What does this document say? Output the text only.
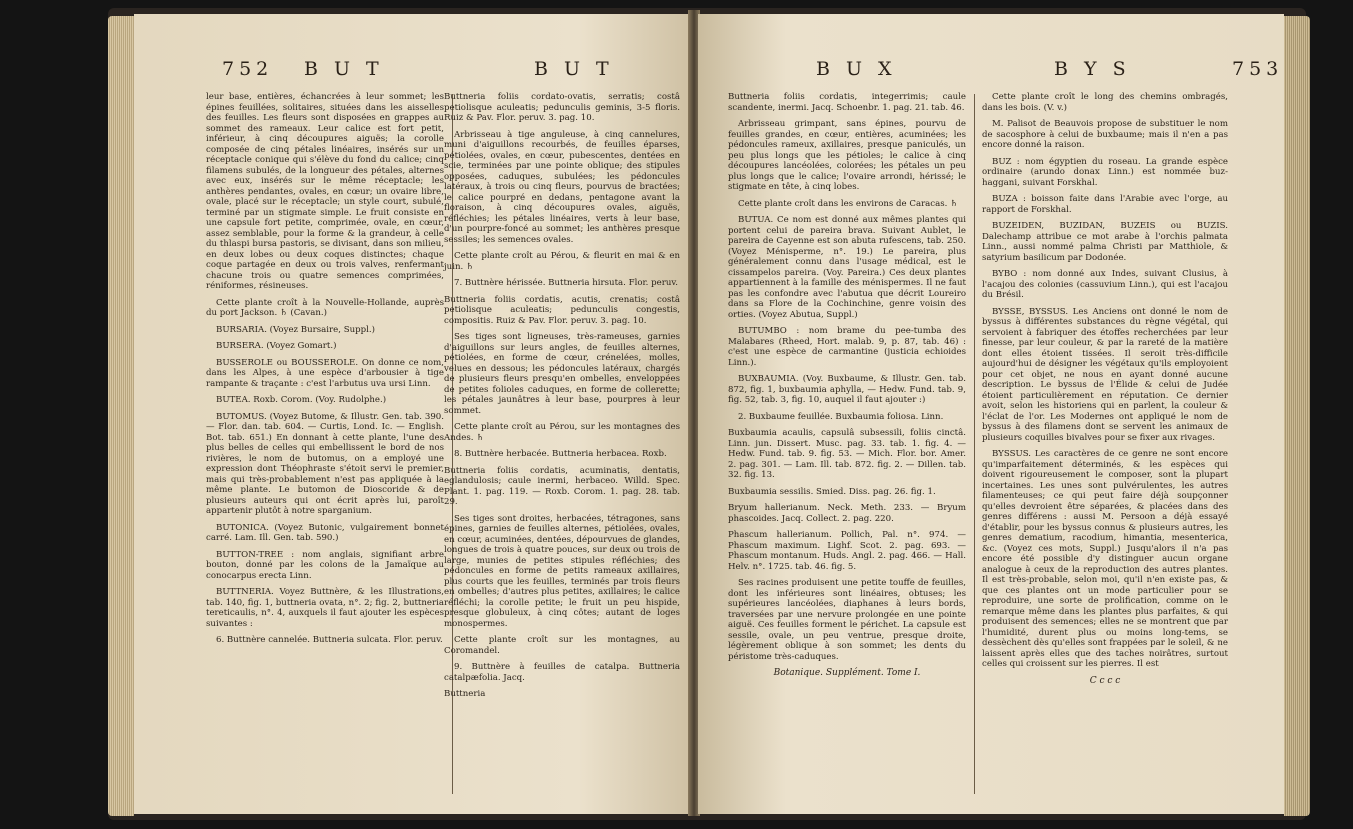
752 B U T	B U T

leur base, entières, échancrées à leur sommet; les épines feuillées, solitaires, situées dans les aisselles des feuilles. Les fleurs sont disposées en grappes au sommet des rameaux. Leur calice est fort petit, inférieur, à cinq découpures aiguës; la corolle composée de cinq pétales linéaires, insérés sur un réceptacle conique qui s'élève du fond du calice; cinq filamens subulés, de la longueur des pétales, alternes avec eux, insérés sur le même réceptacle; les anthères pendantes, ovales, en cœur; un ovaire libre, ovale, placé sur le réceptacle; un style court, subulé, terminé par un stigmate simple. Le fruit consiste en une capsule fort petite, comprimée, ovale, en cœur, assez semblable, pour la forme & la grandeur, à celle du thlaspi bursa pastoris, se divisant, dans son milieu, en deux lobes ou deux coques distinctes; chaque coque partagée en deux ou trois valves, renfermant chacune trois ou quatre semences comprimées, réniformes, résineuses.

Cette plante croît à la Nouvelle-Hollande, auprès du port Jackson. ♄ (Cavan.)

BURSARIA. (Voyez Bursaire, Suppl.)

BURSERA. (Voyez Gomart.)

BUSSEROLE ou BOUSSEROLE. On donne ce nom, dans les Alpes, à une espèce d'arbousier à tige rampante & traçante : c'est l'arbutus uva ursi Linn.

BUTEA. Roxb. Corom. (Voy. Rudolphe.)

BUTOMUS. (Voyez Butome, & Illustr. Gen. tab. 390. — Flor. dan. tab. 604. — Curtis, Lond. Ic. — English. Bot. tab. 651.) En donnant à cette plante, l'une des plus belles de celles qui embellissent le bord de nos rivières, le nom de butomus, on a employé une expression dont Théophraste s'étoit servi le premier, mais qui très-probablement n'est pas appliquée à la même plante. Le butomon de Dioscoride & de plusieurs auteurs qui ont écrit après lui, paroît appartenir plutôt à notre sparganium.

BUTONICA. (Voyez Butonic, vulgairement bonnet carré. Lam. Ill. Gen. tab. 590.)

BUTTON-TREE : nom anglais, signifiant arbre bouton, donné par les colons de la Jamaïque au conocarpus erecta Linn.

BUTTNERIA. Voyez Buttnère, & les Illustrations, tab. 140, fig. 1, buttneria ovata, n°. 2; fig. 2, buttneria tereticaulis, n°. 4, auxquels il faut ajouter les espèces suivantes :

6. Buttnère cannelée. Buttneria sulcata. Flor. peruv.

Buttneria foliis cordato-ovatis, serratis; costâ petiolisque aculeatis; pedunculis geminis, 3-5 floris. Ruiz & Pav. Flor. peruv. 3. pag. 10.

Arbrisseau à tige anguleuse, à cinq cannelures, muni d'aiguillons recourbés, de feuilles éparses, pétiolées, ovales, en cœur, pubescentes, dentées en scie, terminées par une pointe oblique; des stipules opposées, caduques, subulées; les pédoncules latéraux, à trois ou cinq fleurs, pourvus de bractées; le calice pourpré en dedans, pentagone avant la floraison, à cinq découpures ovales, aiguës, réfléchies; les pétales linéaires, verts à leur base, d'un pourpre-foncé au sommet; les anthères presque sessiles; les semences ovales.

Cette plante croît au Pérou, & fleurit en mai & en juin. ♄

7. Buttnère hérissée. Buttneria hirsuta. Flor. peruv.

Buttneria foliis cordatis, acutis, crenatis; costâ petiolisque aculeatis; pedunculis congestis, compositis. Ruiz & Pav. Flor. peruv. 3. pag. 10.

Ses tiges sont ligneuses, très-rameuses, garnies d'aiguillons sur leurs angles, de feuilles alternes, pétiolées, en forme de cœur, crénelées, molles, velues en dessous; les pédoncules latéraux, chargés de plusieurs fleurs presqu'en ombelles, enveloppées de petites folioles caduques, en forme de collerette; les pétales jaunâtres à leur base, pourpres à leur sommet.

Cette plante croît au Pérou, sur les montagnes des Andes. ♄

8. Buttnère herbacée. Buttneria herbacea. Roxb.

Buttneria foliis cordatis, acuminatis, dentatis, eglandulosis; caule inermi, herbaceo. Willd. Spec. Plant. 1. pag. 119. — Roxb. Corom. 1. pag. 28. tab. 29.

Ses tiges sont droites, herbacées, tétragones, sans épines, garnies de feuilles alternes, pétiolées, ovales, en cœur, acuminées, dentées, dépourvues de glandes, longues de trois à quatre pouces, sur deux ou trois de large, munies de petites stipules réfléchies; des pédoncules en forme de petits rameaux axillaires, plus courts que les feuilles, terminés par trois fleurs en ombelles; d'autres plus petites, axillaires; le calice réfléchi; la corolle petite; le fruit un peu hispide, presque globuleux, à cinq côtes; autant de loges monospermes.

Cette plante croît sur les montagnes, au Coromandel.

9. Buttnère à feuilles de catalpa. Buttneria catalpæfolia. Jacq.

Buttneria

B U X	B Y S	753

Buttneria foliis cordatis, integerrimis; caule scandente, inermi. Jacq. Schoenbr. 1. pag. 21. tab. 46.

Arbrisseau grimpant, sans épines, pourvu de feuilles grandes, en cœur, entières, acuminées; les pédoncules rameux, axillaires, presque paniculés, un peu plus longs que les pétioles; le calice à cinq découpures lancéolées, colorées; les pétales un peu plus longs que le calice; l'ovaire arrondi, hérissé; le stigmate en tête, à cinq lobes.

Cette plante croît dans les environs de Caracas. ♄

BUTUA. Ce nom est donné aux mêmes plantes qui portent celui de pareira brava. Suivant Aublet, le pareira de Cayenne est son abuta rufescens, tab. 250. (Voyez Ménisperme, n°. 19.) Le pareira, plus généralement connu dans l'usage médical, est le cissampelos pareira. (Voy. Pareira.) Ces deux plantes appartiennent à la famille des ménispermes. Il ne faut pas les confondre avec l'abutua que décrit Loureiro dans sa Flore de la Cochinchine, genre voisin des orties. (Voyez Abutua, Suppl.)

BUTUMBO : nom brame du pee-tumba des Malabares (Rheed, Hort. malab. 9, p. 87, tab. 46) : c'est une espèce de carmantine (justicia echioides Linn.).

BUXBAUMIA. (Voy. Buxbaume, & Illustr. Gen. tab. 872, fig. 1, buxbaumia aphylla, — Hedw. Fund. tab. 9, fig. 52, tab. 3, fig. 10, auquel il faut ajouter :)

2. Buxbaume feuillée. Buxbaumia foliosa. Linn.

Buxbaumia acaulis, capsulâ subsessili, foliis cinctâ. Linn. jun. Dissert. Musc. pag. 33. tab. 1. fig. 4. — Hedw. Fund. tab. 9. fig. 53. — Mich. Flor. bor. Amer. 2. pag. 301. — Lam. Ill. tab. 872. fig. 2. — Dillen. tab. 32. fig. 13.

Buxbaumia sessilis. Smied. Diss. pag. 26. fig. 1.

Bryum hallerianum. Neck. Meth. 233. — Bryum phascoides. Jacq. Collect. 2. pag. 220.

Phascum hallerianum. Pollich, Pal. n°. 974. — Phascum maximum. Lighf. Scot. 2. pag. 693. — Phascum montanum. Huds. Angl. 2. pag. 466. — Hall. Helv. n°. 1725. tab. 46. fig. 5.

Ses racines produisent une petite touffe de feuilles, dont les inférieures sont linéaires, obtuses; les supérieures lancéolées, diaphanes à leurs bords, traversées par une nervure prolongée en une pointe aiguë. Ces feuilles forment le périchet. La capsule est sessile, ovale, un peu ventrue, presque droite, légèrement oblique à son sommet; les dents du péristome très-caduques.

Botanique. Supplément. Tome I.

Cette plante croît le long des chemins ombragés, dans les bois. (V. v.)

M. Palisot de Beauvois propose de substituer le nom de sacosphore à celui de buxbaume; mais il n'en a pas encore donné la raison.

BUZ : nom égyptien du roseau. La grande espèce ordinaire (arundo donax Linn.) est nommée buz-haggani, suivant Forskhal.

BUZA : boisson faite dans l'Arabie avec l'orge, au rapport de Forskhal.

BUZEIDEN, BUZIDAN, BUZEIS ou BUZIS. Dalechamp attribue ce mot arabe à l'orchis palmata Linn., aussi nommé palma Christi par Matthiole, & satyrium basilicum par Dodonée.

BYBO : nom donné aux Indes, suivant Clusius, à l'acajou des colonies (cassuvium Linn.), qui est l'acajou du Brésil.

BYSSE, BYSSUS. Les Anciens ont donné le nom de byssus à différentes substances du règne végétal, qui servoient à fabriquer des étoffes recherchées par leur finesse, par leur couleur, & par la rareté de la matière dont elles étoient tissées. Il seroit très-difficile aujourd'hui de désigner les végétaux qu'ils employoient pour cet objet, ne nous en ayant donné aucune description. Le byssus de l'Élide & celui de Judée étoient particulièrement en réputation. Ce dernier avoit, selon les historiens qui en parlent, la couleur & l'éclat de l'or. Les Modernes ont appliqué le nom de byssus à des filamens dont se servent les animaux de plusieurs coquilles bivalves pour se fixer aux rivages.

BYSSUS. Les caractères de ce genre ne sont encore qu'imparfaitement déterminés, & les espèces qui doivent rigoureusement le composer, sont la plupart incertaines. Les unes sont pulvérulentes, les autres filamenteuses; ce qui peut faire déjà soupçonner qu'elles devroient être séparées, & placées dans des genres différens : aussi M. Persoon a déjà essayé d'établir, pour les byssus connus & plusieurs autres, les genres dematium, racodium, himantia, mesenterica, &c. (Voyez ces mots, Suppl.) Jusqu'alors il n'a pas encore été possible d'y distinguer aucun organe analogue à ceux de la reproduction des autres plantes. Il est très-probable, selon moi, qu'il n'en existe pas, & que ces plantes ont un mode particulier pour se reproduire, une sorte de prolification, comme on le remarque même dans les plantes plus parfaites, & qui produisent des semences; elles ne se montrent que par l'humidité, durent plus ou moins long-tems, se dessèchent dès qu'elles sont frappées par le soleil, & ne laissent après elles que des taches noirâtres, surtout celles qui croissent sur les pierres. Il est

C c c c
